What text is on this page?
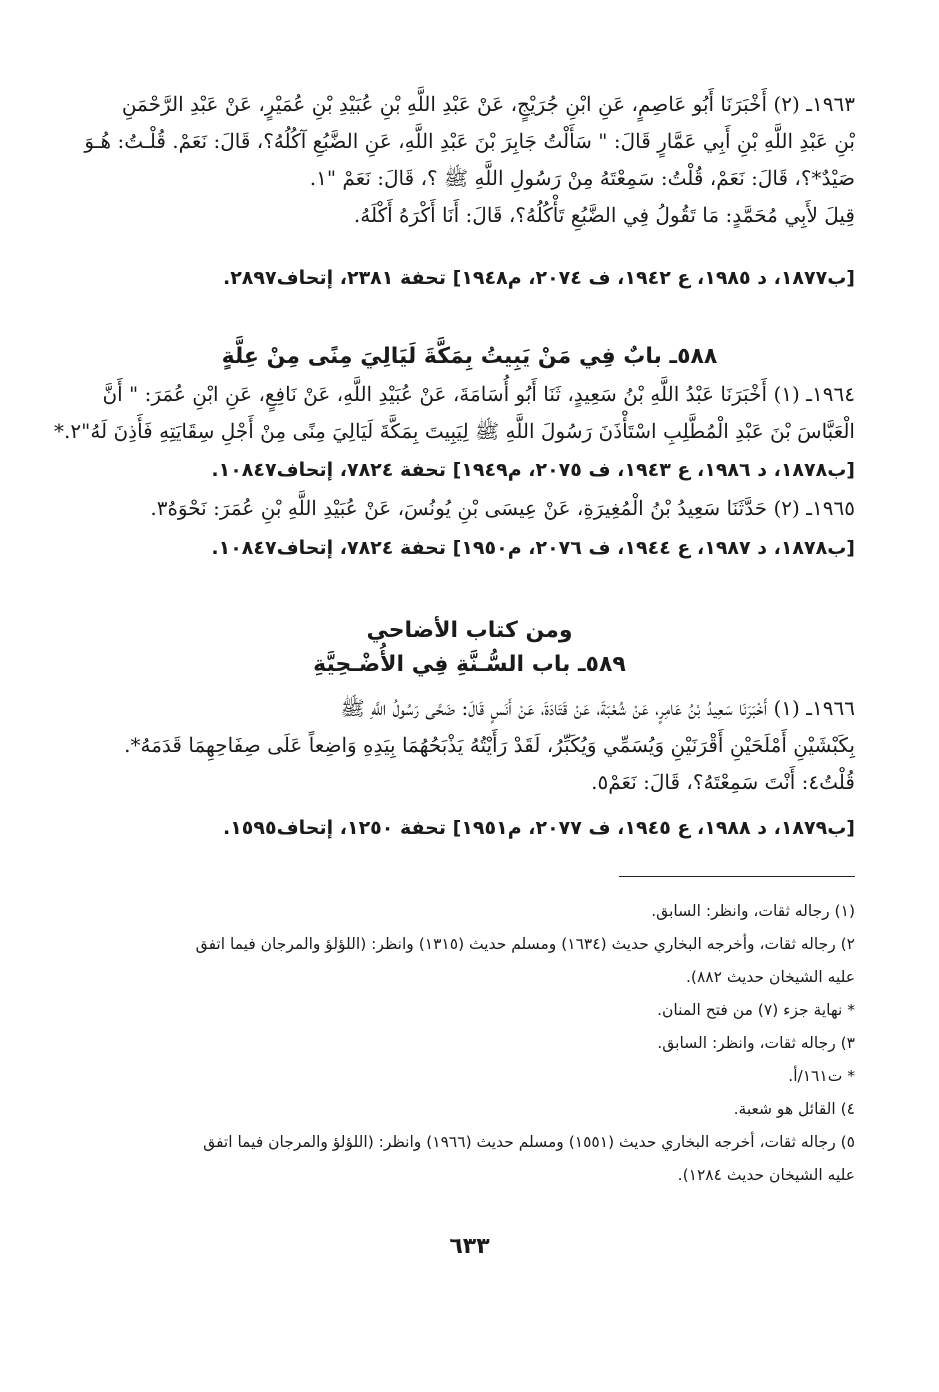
١٩٦٣ـ (٢) أَخْبَرَنَا أَبُو عَاصِمٍ، عَنِ ابْنِ جُرَيْجٍ، عَنْ عَبْدِ اللَّهِ بْنِ عُبَيْدِ بْنِ عُمَيْرٍ، عَنْ عَبْدِ الرَّحْمَنِ
بْنِ عَبْدِ اللَّهِ بْنِ أَبِي عَمَّارٍ قَالَ: " سَأَلْتُ جَابِرَ بْنَ عَبْدِ اللَّهِ، عَنِ الضَّبُعِ آكُلُهُ؟، قَالَ: نَعَمْ. قُلْـتُ: هُـوَ
صَيْدٌ*؟، قَالَ: نَعَمْ، قُلْتُ: سَمِعْتَهُ مِنْ رَسُولِ اللَّهِ ﷺ ؟، قَالَ: نَعَمْ "١.
قِيلَ لأَبِي مُحَمَّدٍ: مَا تَقُولُ فِي الضَّبُعِ تَأْكُلُهُ؟، قَالَ: أَنَا أَكْرَهُ أَكْلَهُ.
[ب١٨٧٧، د ١٩٨٥، ع ١٩٤٢، ف ٢٠٧٤، م١٩٤٨] تحفة ٢٣٨١، إتحاف٢٨٩٧.
٥٨٨ـ بابٌ فِي مَنْ يَبِيتُ بِمَكَّةَ لَيَالِيَ مِنًى مِنْ عِلَّةٍ
١٩٦٤ـ (١) أَخْبَرَنَا عَبْدُ اللَّهِ بْنُ سَعِيدٍ، ثَنَا أَبُو أُسَامَةَ، عَنْ عُبَيْدِ اللَّهِ، عَنْ نَافِعٍ، عَنِ ابْنِ عُمَرَ: " أَنَّ
الْعَبَّاسَ بْنَ عَبْدِ الْمُطَّلِبِ اسْتَأْذَنَ رَسُولَ اللَّهِ ﷺ لِيَبِيتَ بِمَكَّةَ لَيَالِيَ مِنًى مِنْ أَجْلِ سِقَايَتِهِ فَأَذِنَ لَهُ"٢.*
[ب١٨٧٨، د ١٩٨٦، ع ١٩٤٣، ف ٢٠٧٥، م١٩٤٩] تحفة ٧٨٢٤، إتحاف١٠٨٤٧.
١٩٦٥ـ (٢) حَدَّثَنَا سَعِيدُ بْنُ الْمُغِيرَةِ، عَنْ عِيسَى بْنِ يُونُسَ، عَنْ عُبَيْدِ اللَّهِ بْنِ عُمَرَ: نَحْوَهُ٣.
[ب١٨٧٨، د ١٩٨٧، ع ١٩٤٤، ف ٢٠٧٦، م١٩٥٠] تحفة ٧٨٢٤، إتحاف١٠٨٤٧.
ومن كتاب الأضاحي
٥٨٩ـ باب السُّـنَّةِ فِي الأُضْـحِيَّةِ
١٩٦٦ـ (١) أَخْبَرَنَا سَعِيدُ بْنُ عَامِرٍ، عَنْ شُعْبَةَ، عَنْ قَتَادَةَ، عَنْ أَنَسٍ قَالَ: ضَحَّى رَسُولُ اللَّهِ ﷺ
بِكَبْشَيْنِ أَمْلَحَيْنِ أَقْرَنَيْنِ وَيُسَمِّي وَيُكَبِّرُ، لَقَدْ رَأَيْتُهُ يَذْبَحُهُمَا بِيَدِهِ وَاضِعاً عَلَى صِفَاحِهِمَا قَدَمَهُ*.
قُلْتُ٤: أَنْتَ سَمِعْتَهُ؟، قَالَ: نَعَمْ٥.
[ب١٨٧٩، د ١٩٨٨، ع ١٩٤٥، ف ٢٠٧٧، م١٩٥١] تحفة ١٢٥٠، إتحاف١٥٩٥.
(١) رجاله ثقات، وانظر: السابق.
٢) رجاله ثقات، وأخرجه البخاري حديث (١٦٣٤) ومسلم حديث (١٣١٥) وانظر: (اللؤلؤ والمرجان فيما اتفق
عليه الشيخان حديث ٨٨٢).
* نهاية جزء (٧) من فتح المنان.
٣) رجاله ثقات، وانظر: السابق.
* ت١٦١/أ.
٤) القائل هو شعبة.
٥) رجاله ثقات، أخرجه البخاري حديث (١٥٥١) ومسلم حديث (١٩٦٦) وانظر: (اللؤلؤ والمرجان فيما اتفق
عليه الشيخان حديث ١٢٨٤).
٦٣٣
